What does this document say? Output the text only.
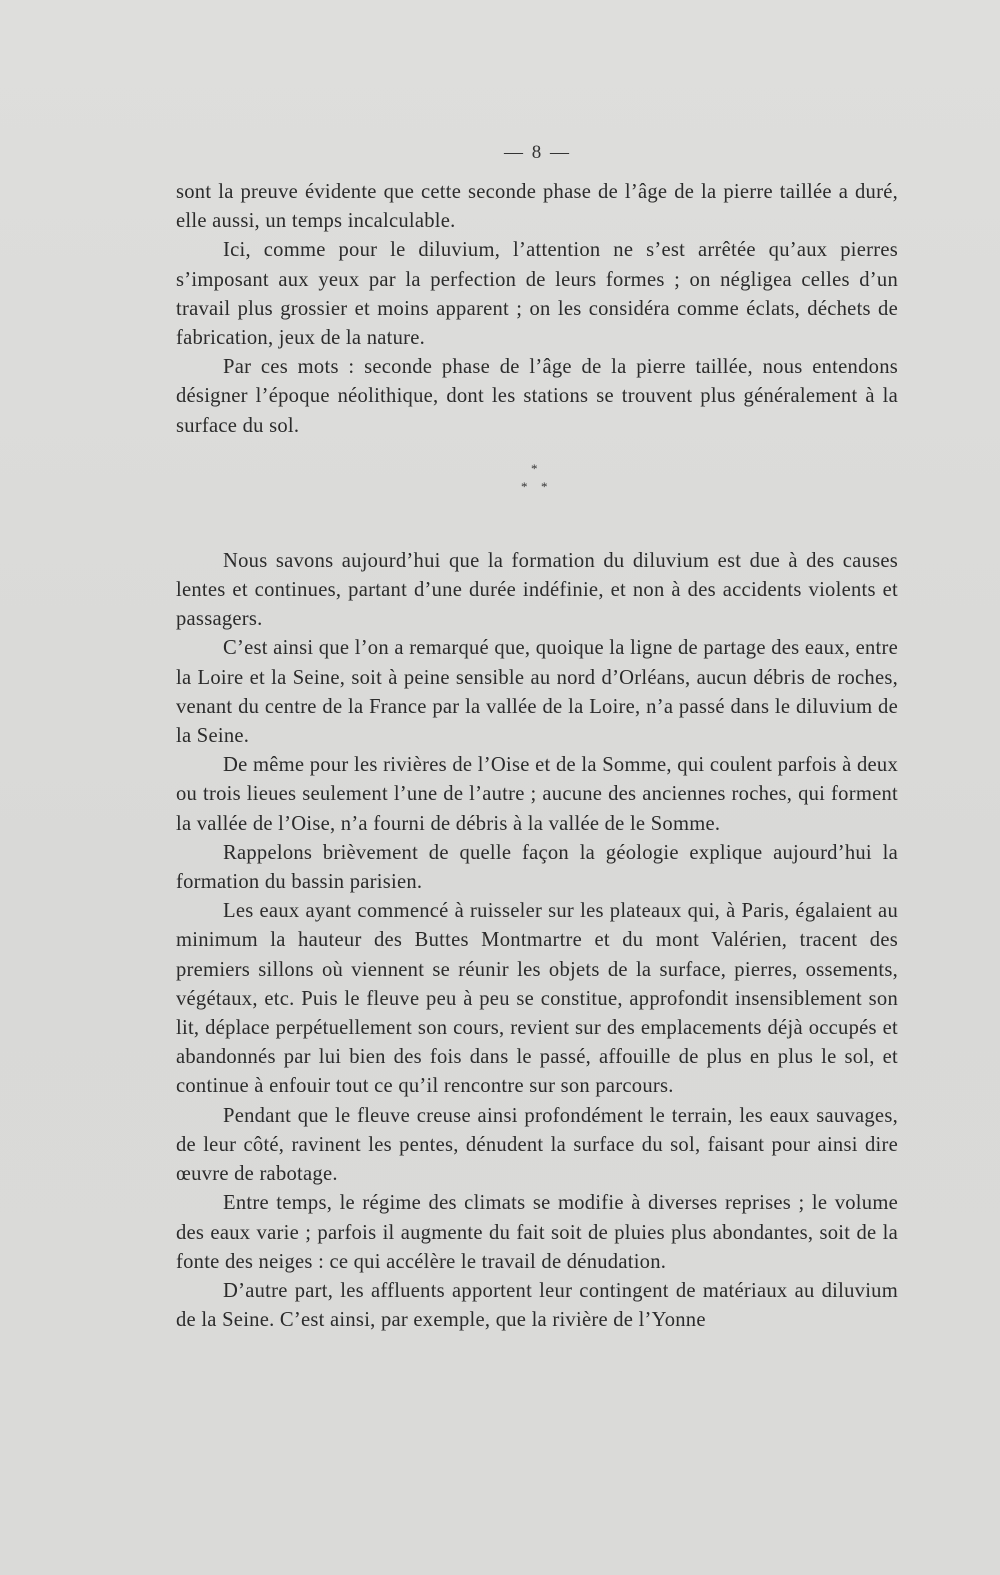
— 8 —

sont la preuve évidente que cette seconde phase de l’âge de la pierre taillée a duré, elle aussi, un temps incalculable.

Ici, comme pour le diluvium, l’attention ne s’est arrêtée qu’aux pierres s’imposant aux yeux par la perfection de leurs formes ; on négligea celles d’un travail plus grossier et moins apparent ; on les considéra comme éclats, déchets de fabrication, jeux de la nature.

Par ces mots : seconde phase de l’âge de la pierre taillée, nous entendons désigner l’époque néolithique, dont les stations se trouvent plus généralement à la surface du sol.

*
* *

Nous savons aujourd’hui que la formation du diluvium est due à des causes lentes et continues, partant d’une durée indéfinie, et non à des accidents violents et passagers.

C’est ainsi que l’on a remarqué que, quoique la ligne de partage des eaux, entre la Loire et la Seine, soit à peine sensible au nord d’Orléans, aucun débris de roches, venant du centre de la France par la vallée de la Loire, n’a passé dans le diluvium de la Seine.

De même pour les rivières de l’Oise et de la Somme, qui coulent parfois à deux ou trois lieues seulement l’une de l’autre ; aucune des anciennes roches, qui forment la vallée de l’Oise, n’a fourni de débris à la vallée de le Somme.

Rappelons brièvement de quelle façon la géologie explique aujourd’hui la formation du bassin parisien.

Les eaux ayant commencé à ruisseler sur les plateaux qui, à Paris, égalaient au minimum la hauteur des Buttes Montmartre et du mont Valérien, tracent des premiers sillons où viennent se réunir les objets de la surface, pierres, ossements, végétaux, etc. Puis le fleuve peu à peu se constitue, approfondit insensiblement son lit, déplace perpétuellement son cours, revient sur des emplacements déjà occupés et abandonnés par lui bien des fois dans le passé, affouille de plus en plus le sol, et continue à enfouir tout ce qu’il rencontre sur son parcours.

Pendant que le fleuve creuse ainsi profondément le terrain, les eaux sauvages, de leur côté, ravinent les pentes, dénudent la surface du sol, faisant pour ainsi dire œuvre de rabotage.

Entre temps, le régime des climats se modifie à diverses reprises ; le volume des eaux varie ; parfois il augmente du fait soit de pluies plus abondantes, soit de la fonte des neiges : ce qui accélère le travail de dénudation.

D’autre part, les affluents apportent leur contingent de matériaux au diluvium de la Seine. C’est ainsi, par exemple, que la rivière de l’Yonne
